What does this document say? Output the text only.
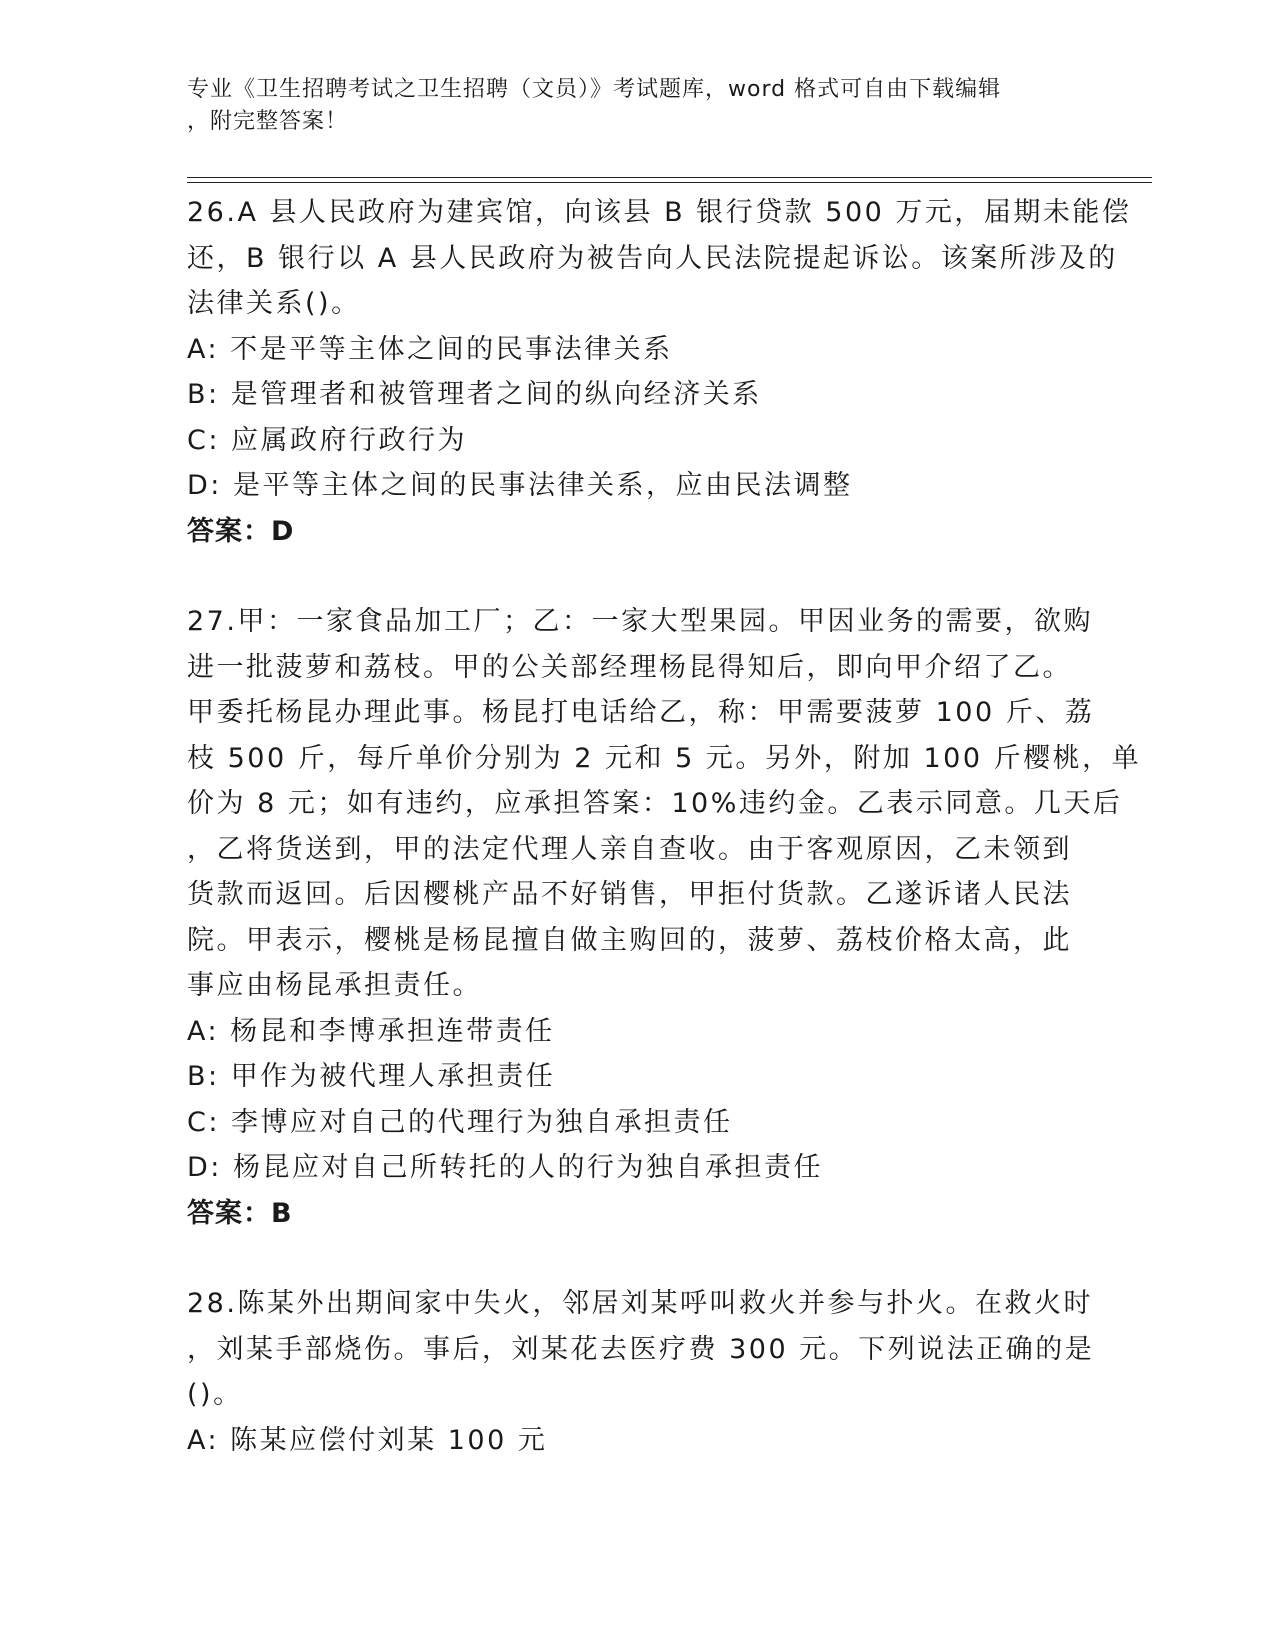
专业《卫生招聘考试之卫生招聘（文员）》考试题库，word 格式可自由下载编辑
，附完整答案！
26.A 县人民政府为建宾馆，向该县 B 银行贷款 500 万元，届期未能偿
还，B 银行以 A 县人民政府为被告向人民法院提起诉讼。该案所涉及的
法律关系()。
A: 不是平等主体之间的民事法律关系
B: 是管理者和被管理者之间的纵向经济关系
C: 应属政府行政行为
D: 是平等主体之间的民事法律关系，应由民法调整
答案：D
27.甲：一家食品加工厂；乙：一家大型果园。甲因业务的需要，欲购
进一批菠萝和荔枝。甲的公关部经理杨昆得知后，即向甲介绍了乙。
甲委托杨昆办理此事。杨昆打电话给乙，称：甲需要菠萝 100 斤、荔
枝 500 斤，每斤单价分别为 2 元和 5 元。另外，附加 100 斤樱桃，单
价为 8 元；如有违约，应承担答案：10%违约金。乙表示同意。几天后
，乙将货送到，甲的法定代理人亲自查收。由于客观原因，乙未领到
货款而返回。后因樱桃产品不好销售，甲拒付货款。乙遂诉诸人民法
院。甲表示，樱桃是杨昆擅自做主购回的，菠萝、荔枝价格太高，此
事应由杨昆承担责任。
A: 杨昆和李博承担连带责任
B: 甲作为被代理人承担责任
C: 李博应对自己的代理行为独自承担责任
D: 杨昆应对自己所转托的人的行为独自承担责任
答案：B
28.陈某外出期间家中失火，邻居刘某呼叫救火并参与扑火。在救火时
，刘某手部烧伤。事后，刘某花去医疗费 300 元。下列说法正确的是
()。
A: 陈某应偿付刘某 100 元
